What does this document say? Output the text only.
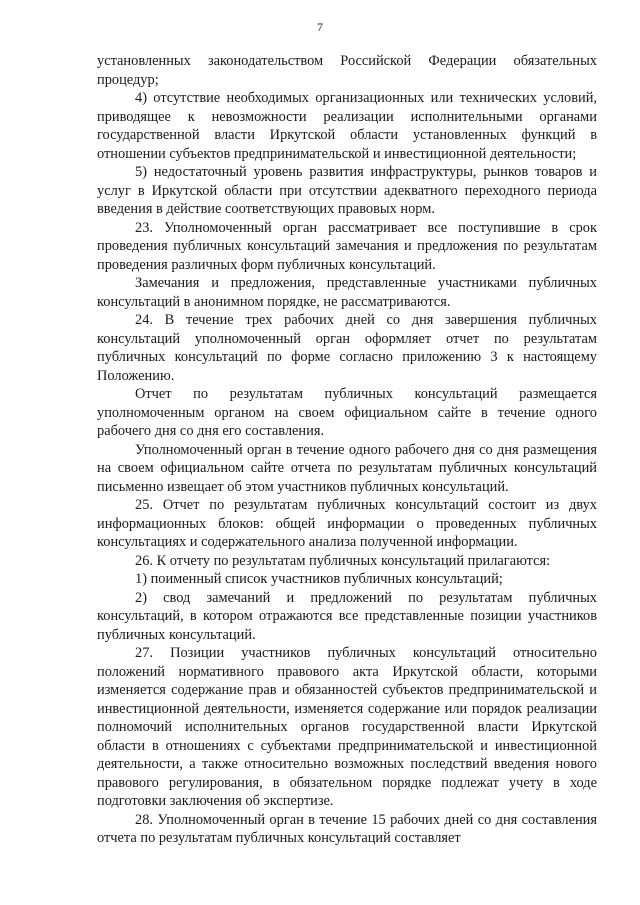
7

установленных законодательством Российской Федерации обязательных процедур;

4) отсутствие необходимых организационных или технических условий, приводящее к невозможности реализации исполнительными органами государственной власти Иркутской области установленных функций в отношении субъектов предпринимательской и инвестиционной деятельности;

5) недостаточный уровень развития инфраструктуры, рынков товаров и услуг в Иркутской области при отсутствии адекватного переходного периода введения в действие соответствующих правовых норм.

23. Уполномоченный орган рассматривает все поступившие в срок проведения публичных консультаций замечания и предложения по результатам проведения различных форм публичных консультаций.

Замечания и предложения, представленные участниками публичных консультаций в анонимном порядке, не рассматриваются.

24. В течение трех рабочих дней со дня завершения публичных консультаций уполномоченный орган оформляет отчет по результатам публичных консультаций по форме согласно приложению 3 к настоящему Положению.

Отчет по результатам публичных консультаций размещается уполномоченным органом на своем официальном сайте в течение одного рабочего дня со дня его составления.

Уполномоченный орган в течение одного рабочего дня со дня размещения на своем официальном сайте отчета по результатам публичных консультаций письменно извещает об этом участников публичных консультаций.

25. Отчет по результатам публичных консультаций состоит из двух информационных блоков: общей информации о проведенных публичных консультациях и содержательного анализа полученной информации.

26. К отчету по результатам публичных консультаций прилагаются:

1) поименный список участников публичных консультаций;

2) свод замечаний и предложений по результатам публичных консультаций, в котором отражаются все представленные позиции участников публичных консультаций.

27. Позиции участников публичных консультаций относительно положений нормативного правового акта Иркутской области, которыми изменяется содержание прав и обязанностей субъектов предпринимательской и инвестиционной деятельности, изменяется содержание или порядок реализации полномочий исполнительных органов государственной власти Иркутской области в отношениях с субъектами предпринимательской и инвестиционной деятельности, а также относительно возможных последствий введения нового правового регулирования, в обязательном порядке подлежат учету в ходе подготовки заключения об экспертизе.

28. Уполномоченный орган в течение 15 рабочих дней со дня составления отчета по результатам публичных консультаций составляет
